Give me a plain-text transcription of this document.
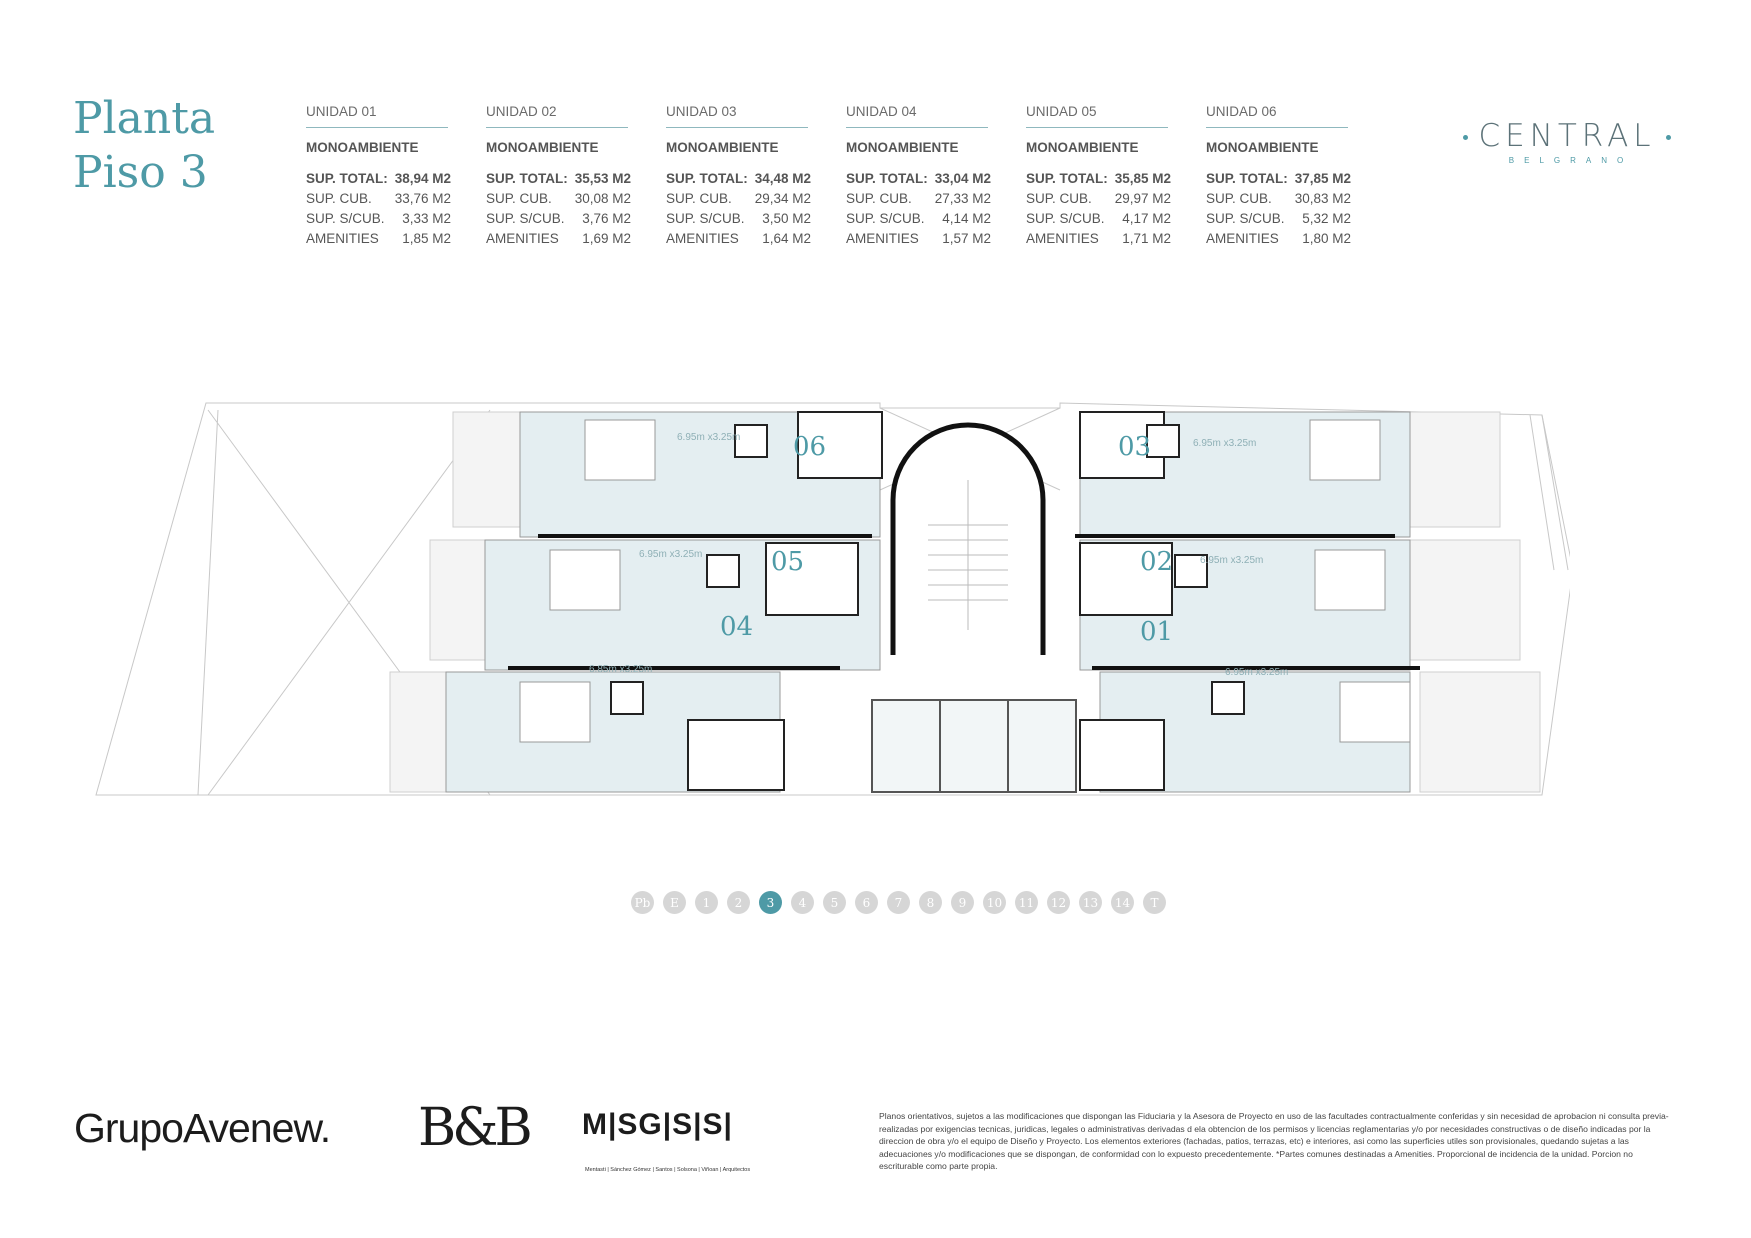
Planta
Piso 3
UNIDAD 01
MONOAMBIENTE
SUP. TOTAL: 38,94 M2
SUP. CUB. 33,76 M2
SUP. S/CUB. 3,33 M2
AMENITIES 1,85 M2
UNIDAD 02
MONOAMBIENTE
SUP. TOTAL: 35,53 M2
SUP. CUB. 30,08 M2
SUP. S/CUB. 3,76 M2
AMENITIES 1,69 M2
UNIDAD 03
MONOAMBIENTE
SUP. TOTAL: 34,48 M2
SUP. CUB. 29,34 M2
SUP. S/CUB. 3,50 M2
AMENITIES 1,64 M2
UNIDAD 04
MONOAMBIENTE
SUP. TOTAL: 33,04 M2
SUP. CUB. 27,33 M2
SUP. S/CUB. 4,14 M2
AMENITIES 1,57 M2
UNIDAD 05
MONOAMBIENTE
SUP. TOTAL: 35,85 M2
SUP. CUB. 29,97 M2
SUP. S/CUB. 4,17 M2
AMENITIES 1,71 M2
UNIDAD 06
MONOAMBIENTE
SUP. TOTAL: 37,85 M2
SUP. CUB. 30,83 M2
SUP. S/CUB. 5,32 M2
AMENITIES 1,80 M2
CENTRAL
BELGRANO
06
05
04
03
02
01
6.95m x3.25m
6.95m x3.25m
6.85m x3.25m
6.95m x3.25m
6.95m x3.25m
6.95m x3.25m
Pb	E	1	2	3	4	5	6	7	8	9	10	11	12	13	14	T
GrupoAvenew. B&B M|SG|S|S|
Mentasti | Sánchez Gómez | Santos | Solsona | Viñoan | Arquitectos
Planos orientativos, sujetos a las modificaciones que dispongan las Fiduciaria y la Asesora de Proyecto en uso de las facultades contractualmente conferidas y sin necesidad de aprobacion ni consulta previa- realizadas por exigencias tecnicas, juridicas, legales o administrativas derivadas d ela obtencion de los permisos y licencias reglamentarias y/o por necesidades constructivas o de diseño indicadas por la direccion de obra y/o el equipo de Diseño y Proyecto. Los elementos exteriores (fachadas, patios, terrazas, etc) e interiores, asi como las superficies utiles son provisionales, quedando sujetas a las adecuaciones y/o modificaciones que se dispongan, de conformidad con lo expuesto precedentemente. *Partes comunes destinadas a Amenities. Proporcional de incidencia de la unidad. Porcion no escriturable como parte propia.
